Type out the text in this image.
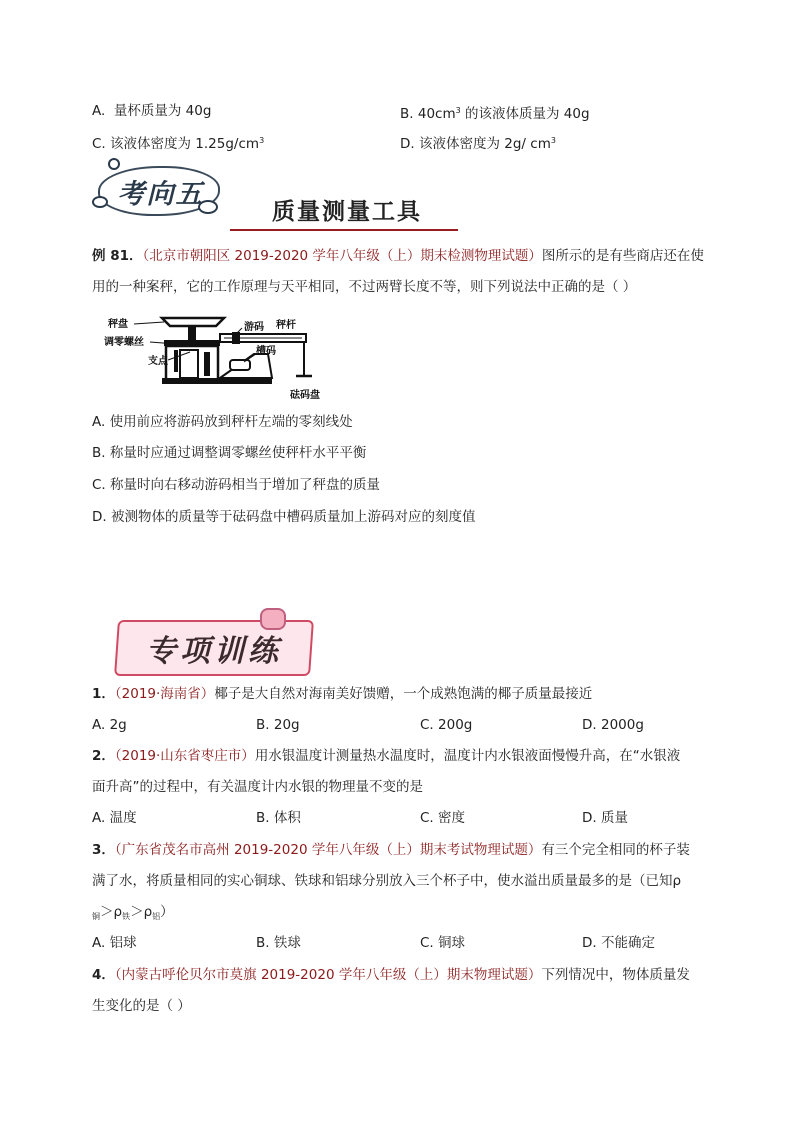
A. 量杯质量为 40g	B. $40cm^3$ 的该液体质量为 40g
C. 该液体密度为 $1.25g/cm^3$	D. 该液体密度为 2g/ $cm^3$
考向五
质量测量工具
例 81．（北京市朝阳区 2019-2020 学年八年级（上）期末检测物理试题）图所示的是有些商店还在使
用的一种案秤，它的工作原理与天平相同，不过两臂长度不等，则下列说法中正确的是（ ）
秤盘
调零螺丝
支点
游码 秤杆
槽码
砝码盘
A. 使用前应将游码放到秤杆左端的零刻线处
B. 称量时应通过调整调零螺丝使秤杆水平平衡
C. 称量时向右移动游码相当于增加了秤盘的质量
D. 被测物体的质量等于砝码盘中槽码质量加上游码对应的刻度值
专项训练
1．（2019·海南省）椰子是大自然对海南美好馈赠，一个成熟饱满的椰子质量最接近
A. 2g	B. 20g	C. 200g	D. 2000g
2．（2019·山东省枣庄市）用水银温度计测量热水温度时，温度计内水银液面慢慢升高，在“水银液
面升高”的过程中，有关温度计内水银的物理量不变的是
A. 温度	B. 体积	C. 密度	D. 质量
3．（广东省茂名市高州 2019-2020 学年八年级（上）期末考试物理试题）有三个完全相同的杯子装
满了水，将质量相同的实心铜球、铁球和铝球分别放入三个杯子中，使水溢出质量最多的是（已知ρ
$_铜>\rho_铁>\rho_铝$）
A. 铝球	B. 铁球	C. 铜球	D. 不能确定
4．（内蒙古呼伦贝尔市莫旗 2019-2020 学年八年级（上）期末物理试题）下列情况中，物体质量发
生变化的是（ ）
